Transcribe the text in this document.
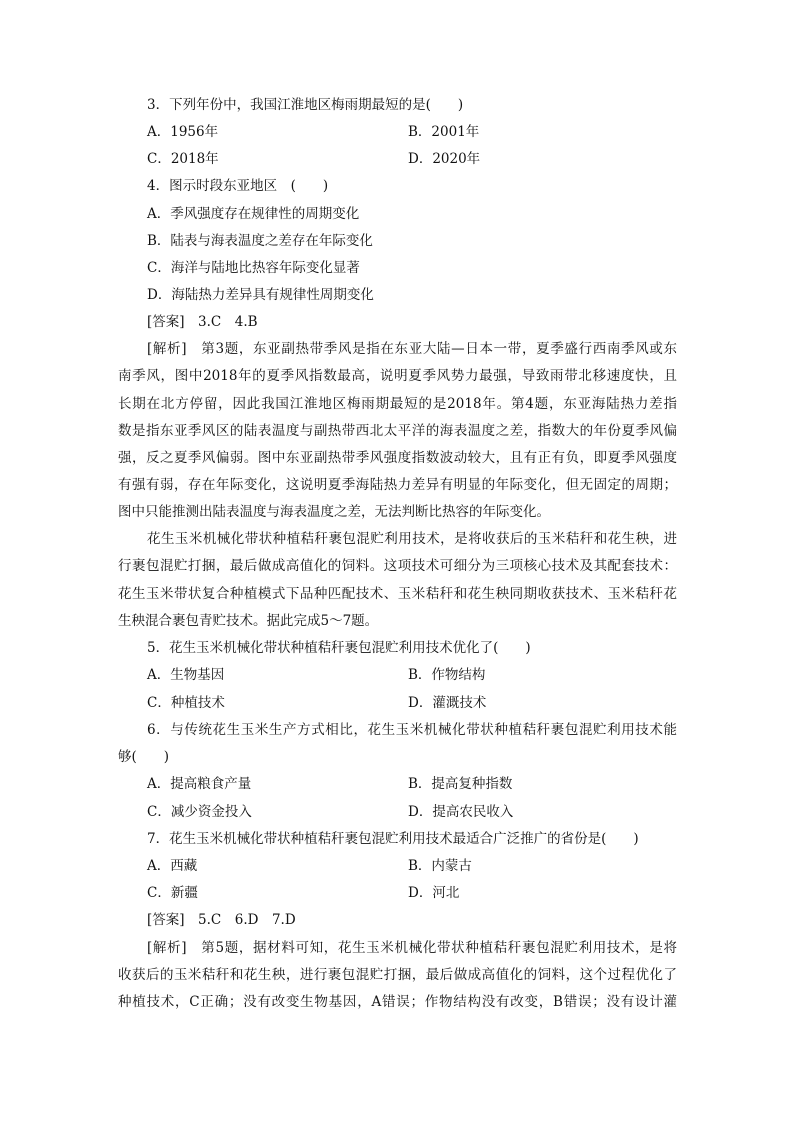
3．下列年份中，我国江淮地区梅雨期最短的是(　　)
A．1956年	B．2001年
C．2018年	D．2020年
4．图示时段东亚地区　(　　)
A．季风强度存在规律性的周期变化
B．陆表与海表温度之差存在年际变化
C．海洋与陆地比热容年际变化显著
D．海陆热力差异具有规律性周期变化
[答案]　3.C　4.B
[解析]　第3题，东亚副热带季风是指在东亚大陆—日本一带，夏季盛行西南季风或东
南季风，图中2018年的夏季风指数最高，说明夏季风势力最强，导致雨带北移速度快，且
长期在北方停留，因此我国江淮地区梅雨期最短的是2018年。第4题，东亚海陆热力差指
数是指东亚季风区的陆表温度与副热带西北太平洋的海表温度之差，指数大的年份夏季风偏
强，反之夏季风偏弱。图中东亚副热带季风强度指数波动较大，且有正有负，即夏季风强度
有强有弱，存在年际变化，这说明夏季海陆热力差异有明显的年际变化，但无固定的周期；
图中只能推测出陆表温度与海表温度之差，无法判断比热容的年际变化。
花生玉米机械化带状种植秸秆裹包混贮利用技术，是将收获后的玉米秸秆和花生秧，进
行裹包混贮打捆，最后做成高值化的饲料。这项技术可细分为三项核心技术及其配套技术：
花生玉米带状复合种植模式下品种匹配技术、玉米秸秆和花生秧同期收获技术、玉米秸秆花
生秧混合裹包青贮技术。据此完成5～7题。
5．花生玉米机械化带状种植秸秆裹包混贮利用技术优化了(　　)
A．生物基因	B．作物结构
C．种植技术	D．灌溉技术
6．与传统花生玉米生产方式相比，花生玉米机械化带状种植秸秆裹包混贮利用技术能
够(　　)
A．提高粮食产量	B．提高复种指数
C．减少资金投入	D．提高农民收入
7．花生玉米机械化带状种植秸秆裹包混贮利用技术最适合广泛推广的省份是(　　)
A．西藏	B．内蒙古
C．新疆	D．河北
[答案]　5.C　6.D　7.D
[解析]　第5题，据材料可知，花生玉米机械化带状种植秸秆裹包混贮利用技术，是将
收获后的玉米秸秆和花生秧，进行裹包混贮打捆，最后做成高值化的饲料，这个过程优化了
种植技术，C正确；没有改变生物基因，A错误；作物结构没有改变，B错误；没有设计灌
